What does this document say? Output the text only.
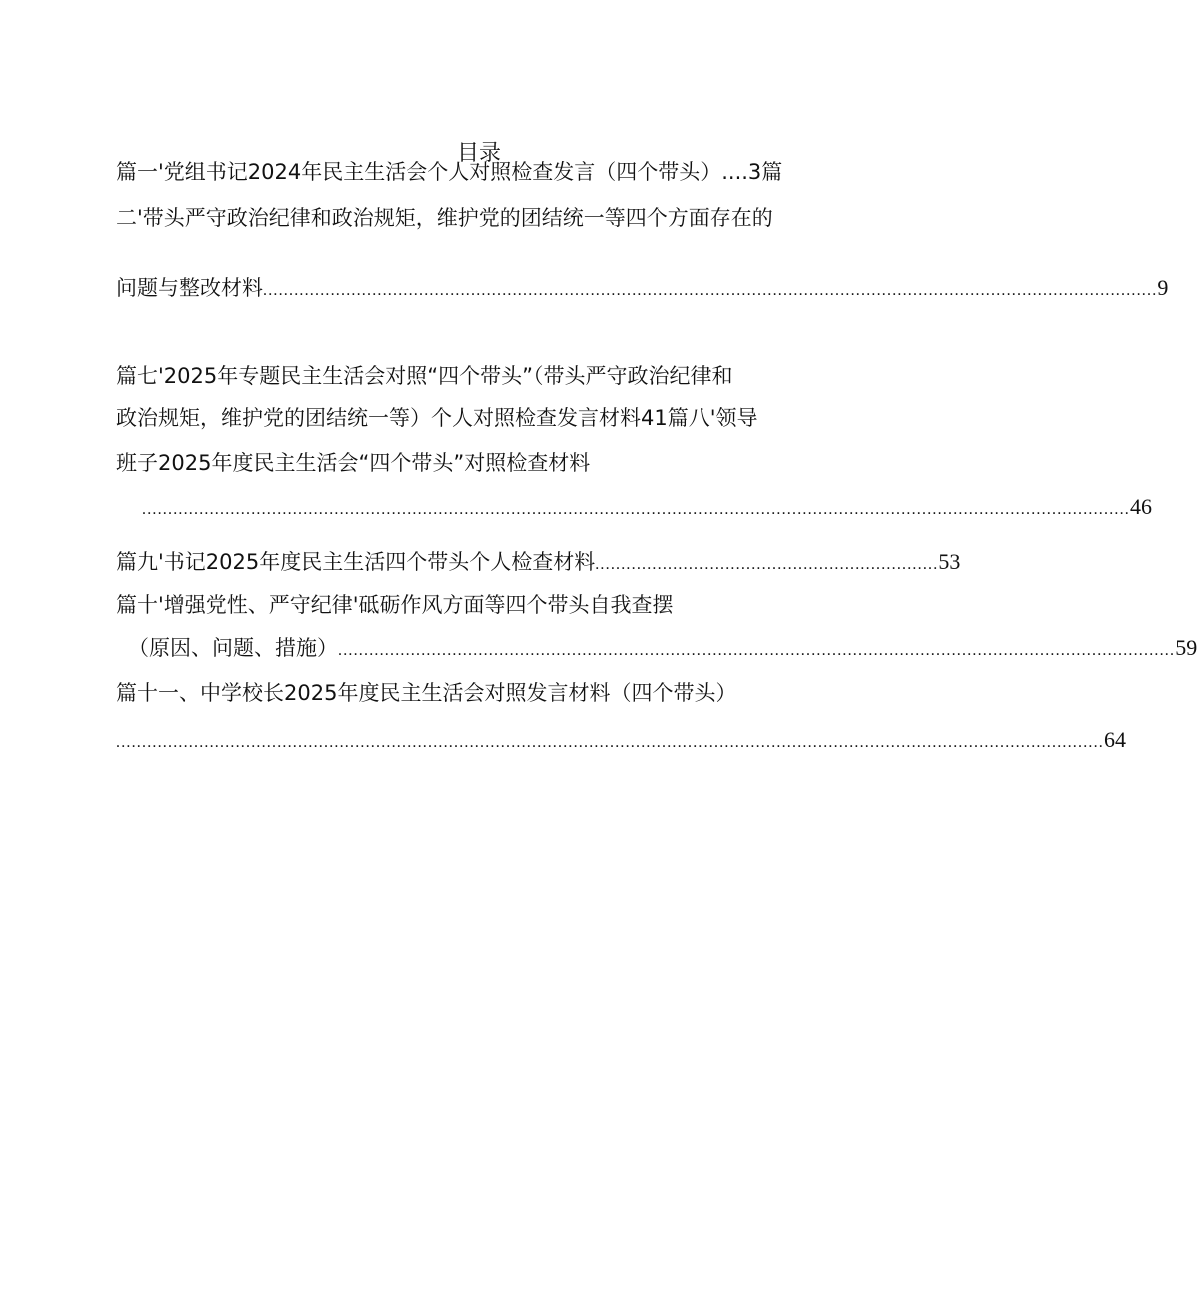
目录
篇一'党组书记2024年民主生活会个人对照检查发言（四个带头）....3篇
二'带头严守政治纪律和政治规矩，维护党的团结统一等四个方面存在的
问题与整改材料 ............................................................................................................................................................................ 9
篇七'2025年专题民主生活会对照“四个带头”（带头严守政治纪律和
政治规矩，维护党的团结统一等）个人对照检查发言材料41篇八'领导
班子2025年度民主生活会“四个带头”对照检查材料
.............................................................................................................................................................................................. 46
篇九'书记2025年度民主生活四个带头个人检查材料 .................................................................. 53
篇十'增强党性、严守纪律'砥砺作风方面等四个带头自我查摆
（原因、问题、措施） ................................................................................................................................................................. 59
篇十一、中学校长2025年度民主生活会对照发言材料（四个带头）
.............................................................................................................................................................................................. 64
